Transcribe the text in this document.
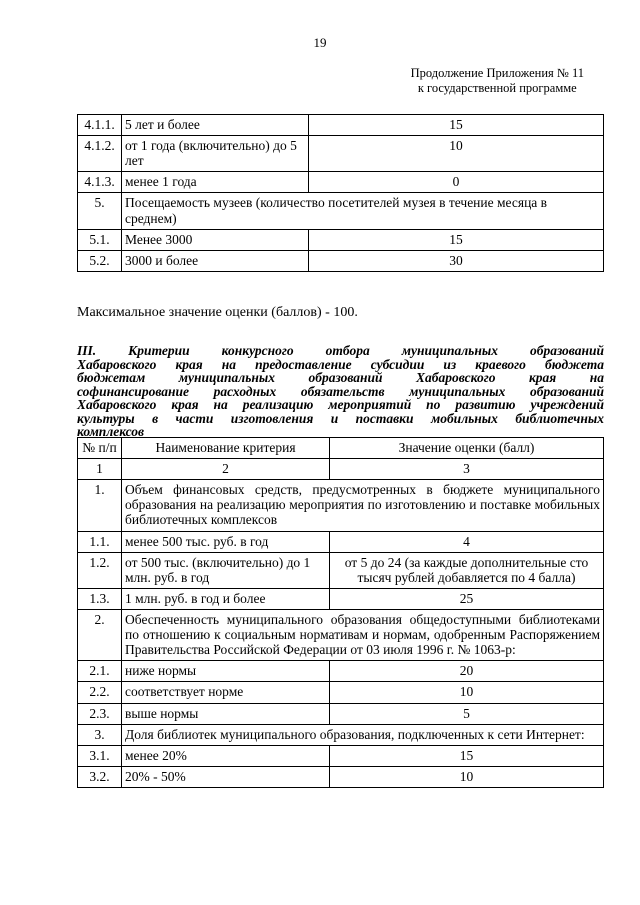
19
Продолжение Приложения № 11
к государственной программе
4.1.1.	5 лет и более	15
4.1.2.	от 1 года (включительно) до 5 лет	10
4.1.3.	менее 1 года	0
5.	Посещаемость музеев (количество посетителей музея в течение месяца в среднем)	
5.1.	Менее 3000	15
5.2.	3000 и более	30
Максимальное значение оценки (баллов) - 100.
III. Критерии конкурсного отбора муниципальных образований
Хабаровского края на предоставление субсидии из краевого бюджета
бюджетам муниципальных образований Хабаровского края на
софинансирование расходных обязательств муниципальных образований
Хабаровского края на реализацию мероприятий по развитию учреждений
культуры в части изготовления и поставки мобильных библиотечных
комплексов
№ п/п	Наименование критерия	Значение оценки (балл)
1	2	3
1.	Объем финансовых средств, предусмотренных в бюджете муниципального образования на реализацию мероприятия по изготовлению и поставке мобильных библиотечных комплексов	
1.1.	менее 500 тыс. руб. в год	4
1.2.	от 500 тыс. (включительно) до 1 млн. руб. в год	от 5 до 24 (за каждые дополнительные сто тысяч рублей добавляется по 4 балла)
1.3.	1 млн. руб. в год и более	25
2.	Обеспеченность муниципального образования общедоступными библиотеками по отношению к социальным нормативам и нормам, одобренным Распоряжением Правительства Российской Федерации от 03 июля 1996 г. № 1063-р:	
2.1.	ниже нормы	20
2.2.	соответствует норме	10
2.3.	выше нормы	5
3.	Доля библиотек муниципального образования, подключенных к сети Интернет:	
3.1.	менее 20%	15
3.2.	20% - 50%	10
